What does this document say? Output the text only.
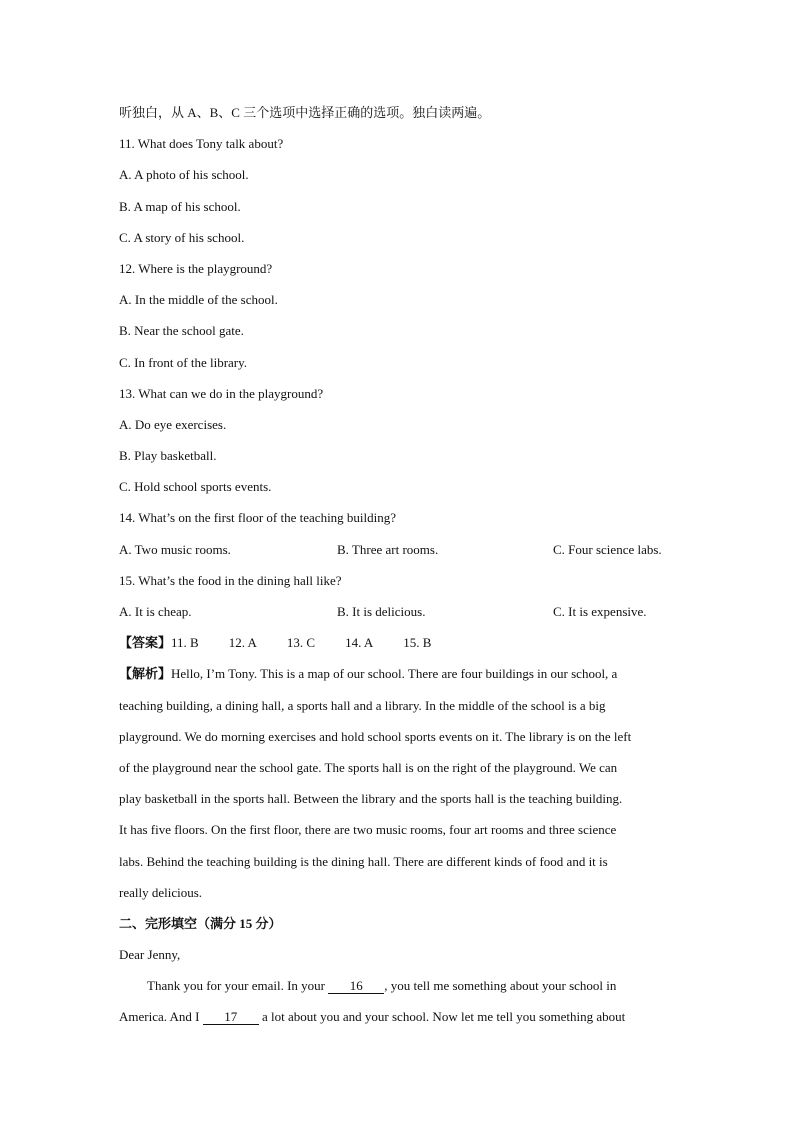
听独白，从 A、B、C 三个选项中选择正确的选项。独白读两遍。
11. What does Tony talk about?
A. A photo of his school.
B. A map of his school.
C. A story of his school.
12. Where is the playground?
A. In the middle of the school.
B. Near the school gate.
C. In front of the library.
13. What can we do in the playground?
A. Do eye exercises.
B. Play basketball.
C. Hold school sports events.
14. What’s on the first floor of the teaching building?
A. Two music rooms.	B. Three art rooms.	C. Four science labs.
15. What’s the food in the dining hall like?
A. It is cheap.	B. It is delicious.	C. It is expensive.
【答案】11. B 12. A 13. C 14. A 15. B
【解析】Hello, I’m Tony. This is a map of our school. There are four buildings in our school, a
teaching building, a dining hall, a sports hall and a library. In the middle of the school is a big
playground. We do morning exercises and hold school sports events on it. The library is on the left
of the playground near the school gate. The sports hall is on the right of the playground. We can
play basketball in the sports hall. Between the library and the sports hall is the teaching building.
It has five floors. On the first floor, there are two music rooms, four art rooms and three science
labs. Behind the teaching building is the dining hall. There are different kinds of food and it is
really delicious.
二、完形填空（满分 15 分）
Dear Jenny,
Thank you for your email. In your 16 , you tell me something about your school in
America. And I 17 a lot about you and your school. Now let me tell you something about
